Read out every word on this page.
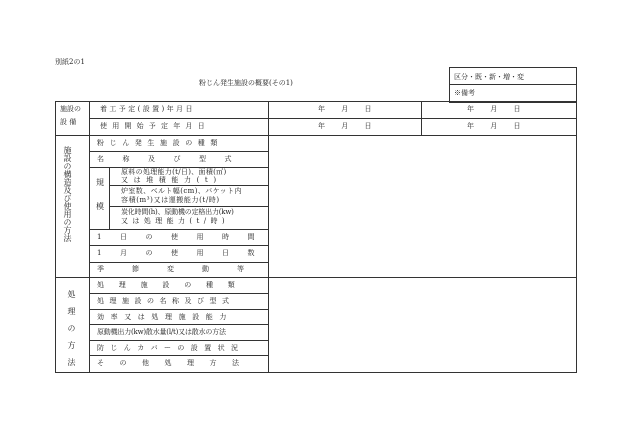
別紙2の1
粉じん発生施設の概要(その1)
区分・既・新・増・変
※備考
施設の
設 備
着工予定(設置)年月日	年 月 日	年 月 日
使用開始予定年月日	年 月 日	年 月 日
施設の構造及び使用の方法
粉じん発生施設の種類
名称及び型式
規
模
原料の処理能力(t/日)、面積(㎡)
又は堆積能力(t)
炉室数、ベルト幅(cm)、バケット内
容積(m³)又は運搬能力(t/時)
炭化時間(h)、原動機の定格出力(kw)
又は処理能力(t/時)
1日の使用時間
1月の使用日数
季節変動等
処理の方法
処理施設の種類
処理施設の名称及び型式
効率又は処理施設能力
原動機出力(kw)散水量(l/t)又は散水の方法
防じんカバーの設置状況
その他処理方法
